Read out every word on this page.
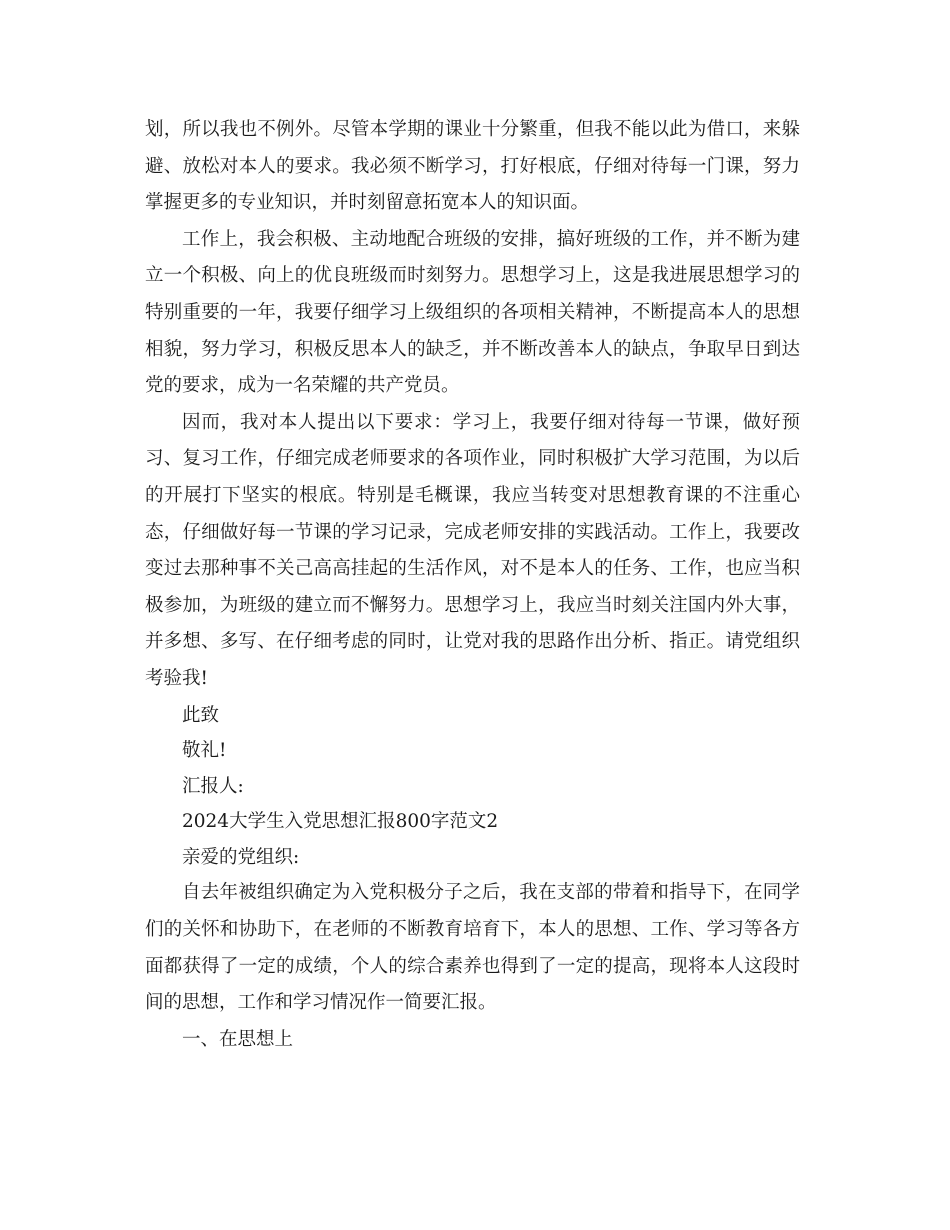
划，所以我也不例外。尽管本学期的课业十分繁重，但我不能以此为借口，来躲避、放松对本人的要求。我必须不断学习，打好根底，仔细对待每一门课，努力掌握更多的专业知识，并时刻留意拓宽本人的知识面。

工作上，我会积极、主动地配合班级的安排，搞好班级的工作，并不断为建立一个积极、向上的优良班级而时刻努力。思想学习上，这是我进展思想学习的特别重要的一年，我要仔细学习上级组织的各项相关精神，不断提高本人的思想相貌，努力学习，积极反思本人的缺乏，并不断改善本人的缺点，争取早日到达党的要求，成为一名荣耀的共产党员。

因而，我对本人提出以下要求：学习上，我要仔细对待每一节课，做好预习、复习工作，仔细完成老师要求的各项作业，同时积极扩大学习范围，为以后的开展打下坚实的根底。特别是毛概课，我应当转变对思想教育课的不注重心态，仔细做好每一节课的学习记录，完成老师安排的实践活动。工作上，我要改变过去那种事不关己高高挂起的生活作风，对不是本人的任务、工作，也应当积极参加，为班级的建立而不懈努力。思想学习上，我应当时刻关注国内外大事，并多想、多写、在仔细考虑的同时，让党对我的思路作出分析、指正。请党组织考验我!

此致

敬礼!

汇报人:

2024大学生入党思想汇报800字范文2

亲爱的党组织:

自去年被组织确定为入党积极分子之后，我在支部的带着和指导下，在同学们的关怀和协助下，在老师的不断教育培育下，本人的思想、工作、学习等各方面都获得了一定的成绩，个人的综合素养也得到了一定的提高，现将本人这段时间的思想，工作和学习情况作一简要汇报。

一、在思想上
